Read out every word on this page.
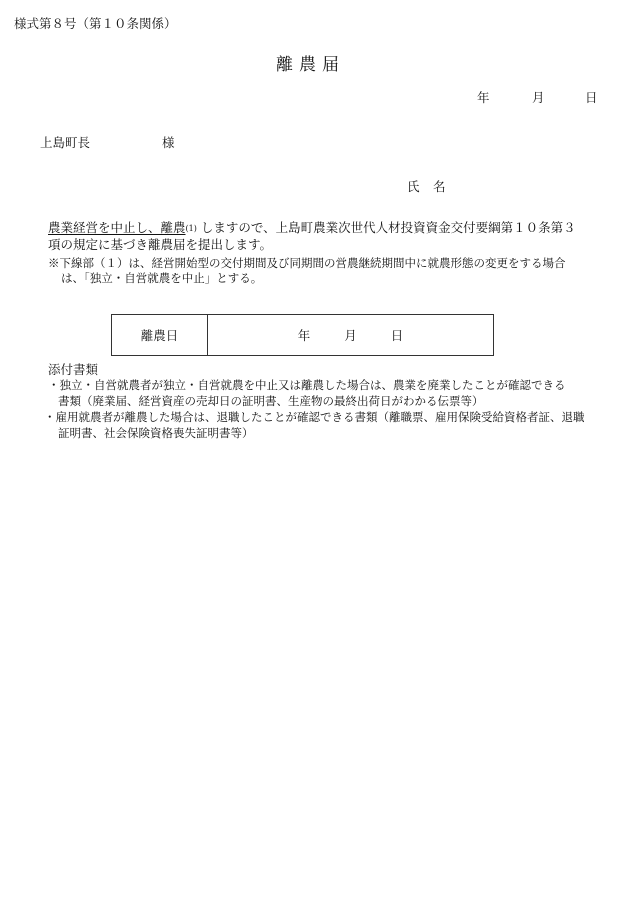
様式第８号（第１０条関係）
離農届
年	月	日
上島町長	様
氏 名
農業経営を中止し、離農(1) しますので、上島町農業次世代人材投資資金交付要綱第１０条第３
項の規定に基づき離農届を提出します。
※下線部（１）は、経営開始型の交付期間及び同期間の営農継続期間中に就農形態の変更をする場合
は、「独立・自営就農を中止」とする。
離農日	年	月	日
添付書類
・独立・自営就農者が独立・自営就農を中止又は離農した場合は、農業を廃業したことが確認できる
書類（廃業届、経営資産の売却日の証明書、生産物の最終出荷日がわかる伝票等）
・雇用就農者が離農した場合は、退職したことが確認できる書類（離職票、雇用保険受給資格者証、退職
証明書、社会保険資格喪失証明書等）
